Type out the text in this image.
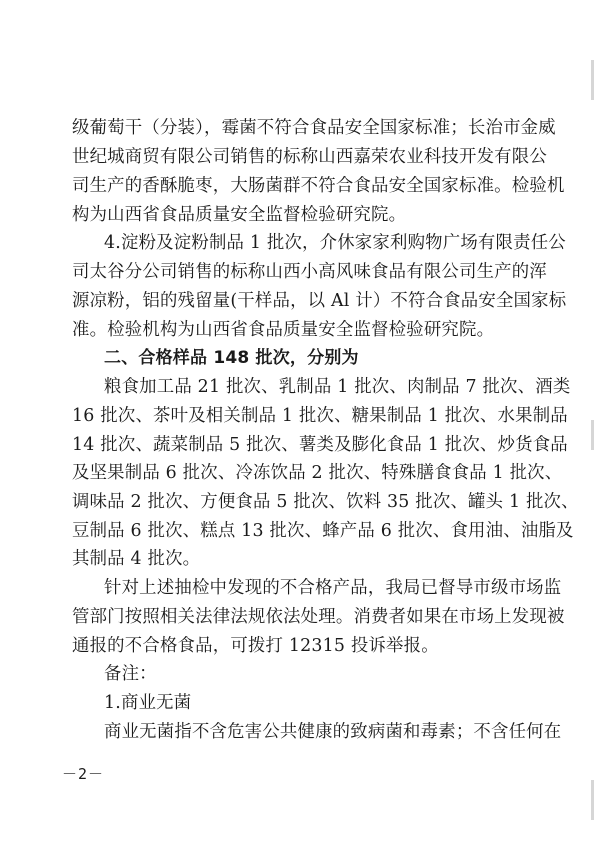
级葡萄干（分装），霉菌不符合食品安全国家标准；长治市金威
世纪城商贸有限公司销售的标称山西嘉荣农业科技开发有限公
司生产的香酥脆枣，大肠菌群不符合食品安全国家标准。检验机
构为山西省食品质量安全监督检验研究院。
4.淀粉及淀粉制品 1 批次，介休家家利购物广场有限责任公
司太谷分公司销售的标称山西小高风味食品有限公司生产的浑
源凉粉，铝的残留量(干样品，以 Al 计）不符合食品安全国家标
准。检验机构为山西省食品质量安全监督检验研究院。
二、合格样品 148 批次，分别为
粮食加工品 21 批次、乳制品 1 批次、肉制品 7 批次、酒类
16 批次、茶叶及相关制品 1 批次、糖果制品 1 批次、水果制品
14 批次、蔬菜制品 5 批次、薯类及膨化食品 1 批次、炒货食品
及坚果制品 6 批次、冷冻饮品 2 批次、特殊膳食食品 1 批次、
调味品 2 批次、方便食品 5 批次、饮料 35 批次、罐头 1 批次、
豆制品 6 批次、糕点 13 批次、蜂产品 6 批次、食用油、油脂及
其制品 4 批次。
针对上述抽检中发现的不合格产品，我局已督导市级市场监
管部门按照相关法律法规依法处理。消费者如果在市场上发现被
通报的不合格食品，可拨打 12315 投诉举报。
备注：
1.商业无菌
商业无菌指不含危害公共健康的致病菌和毒素；不含任何在
－2－
